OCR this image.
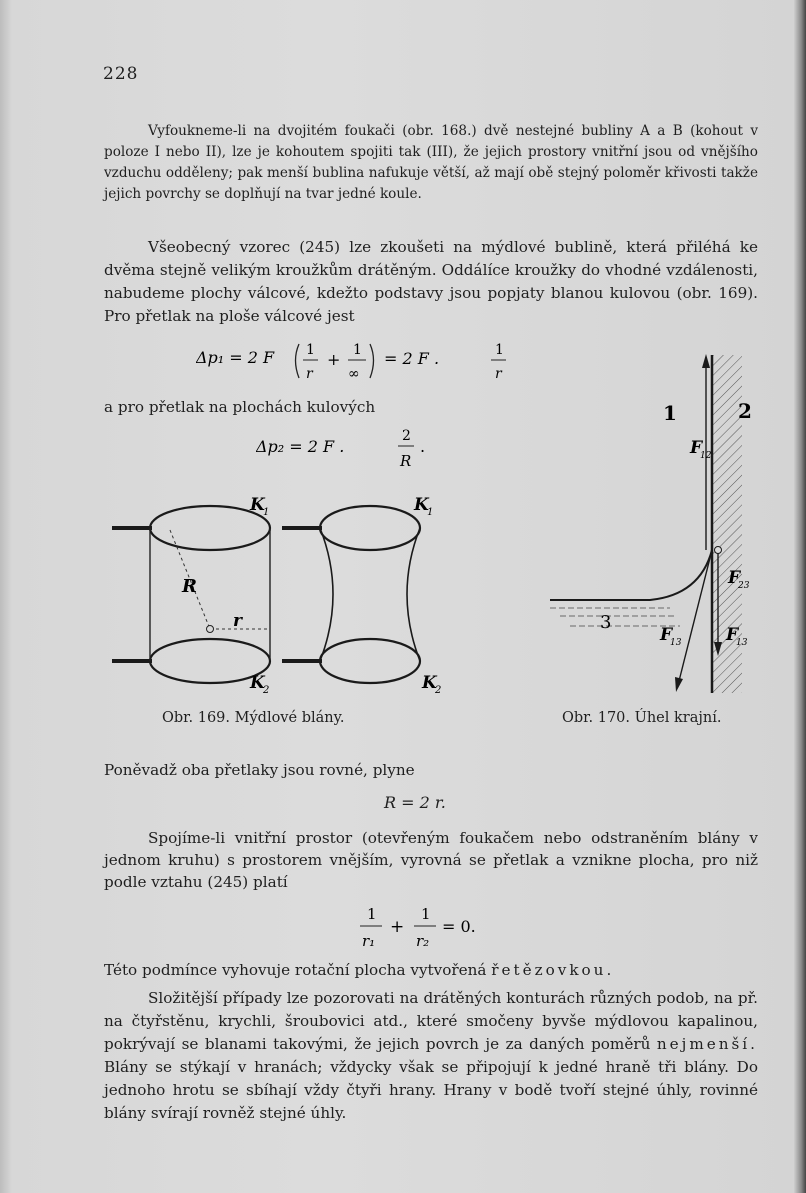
228
Vyfoukneme-li na dvojitém foukači (obr. 168.) dvě nestejné bubliny A a B (kohout v poloze I nebo II), lze je kohoutem spojiti tak (III), že jejich prostory vnitřní jsou od vnějšího vzduchu odděleny; pak menší bublina nafukuje větší, až mají obě stejný poloměr křivosti takže jejich povrchy se doplňují na tvar jedné koule.
Všeobecný vzorec (245) lze zkoušeti na mýdlové bublině, která přiléhá ke dvěma stejně velikým kroužkům drátěným. Oddálíce kroužky do vhodné vzdálenosti, nabudeme plochy válcové, kdežto podstavy jsou popjaty blanou kulovou (obr. 169). Pro přetlak na ploše válcové jest
Δp₁ = 2 F 1
r
+ 1
∞
= 2 F .	1
r
a pro přetlak na plochách kulových
Δp₂ = 2 F .
2
R
.
K
1
R
r
K
2
K
1
K
2
1	2
3
F
12
F
23
F
13	F
13
Obr. 169. Mýdlové blány.	Obr. 170. Úhel krajní.
Poněvadž oba přetlaky jsou rovné, plyne
R = 2 r.
Spojíme-li vnitřní prostor (otevřeným foukačem nebo odstraněním blány v jednom kruhu) s prostorem vnějším, vyrovná se přetlak a vznikne plocha, pro niž podle vztahu (245) platí
1
r₁
+
1
r₂
= 0.
Této podmínce vyhovuje rotační plocha vytvořená řetězovkou.
Složitější případy lze pozorovati na drátěných konturách různých podob, na př. na čtyřstěnu, krychli, šroubovici atd., které smočeny byvše mýdlovou kapalinou, pokrývají se blanami takovými, že jejich povrch je za daných poměrů nejmenší. Blány se stýkají v hranách; vždycky však se připojují k jedné hraně tři blány. Do jednoho hrotu se sbíhají vždy čtyři hrany. Hrany v bodě tvoří stejné úhly, rovinné blány svírají rovněž stejné úhly.
